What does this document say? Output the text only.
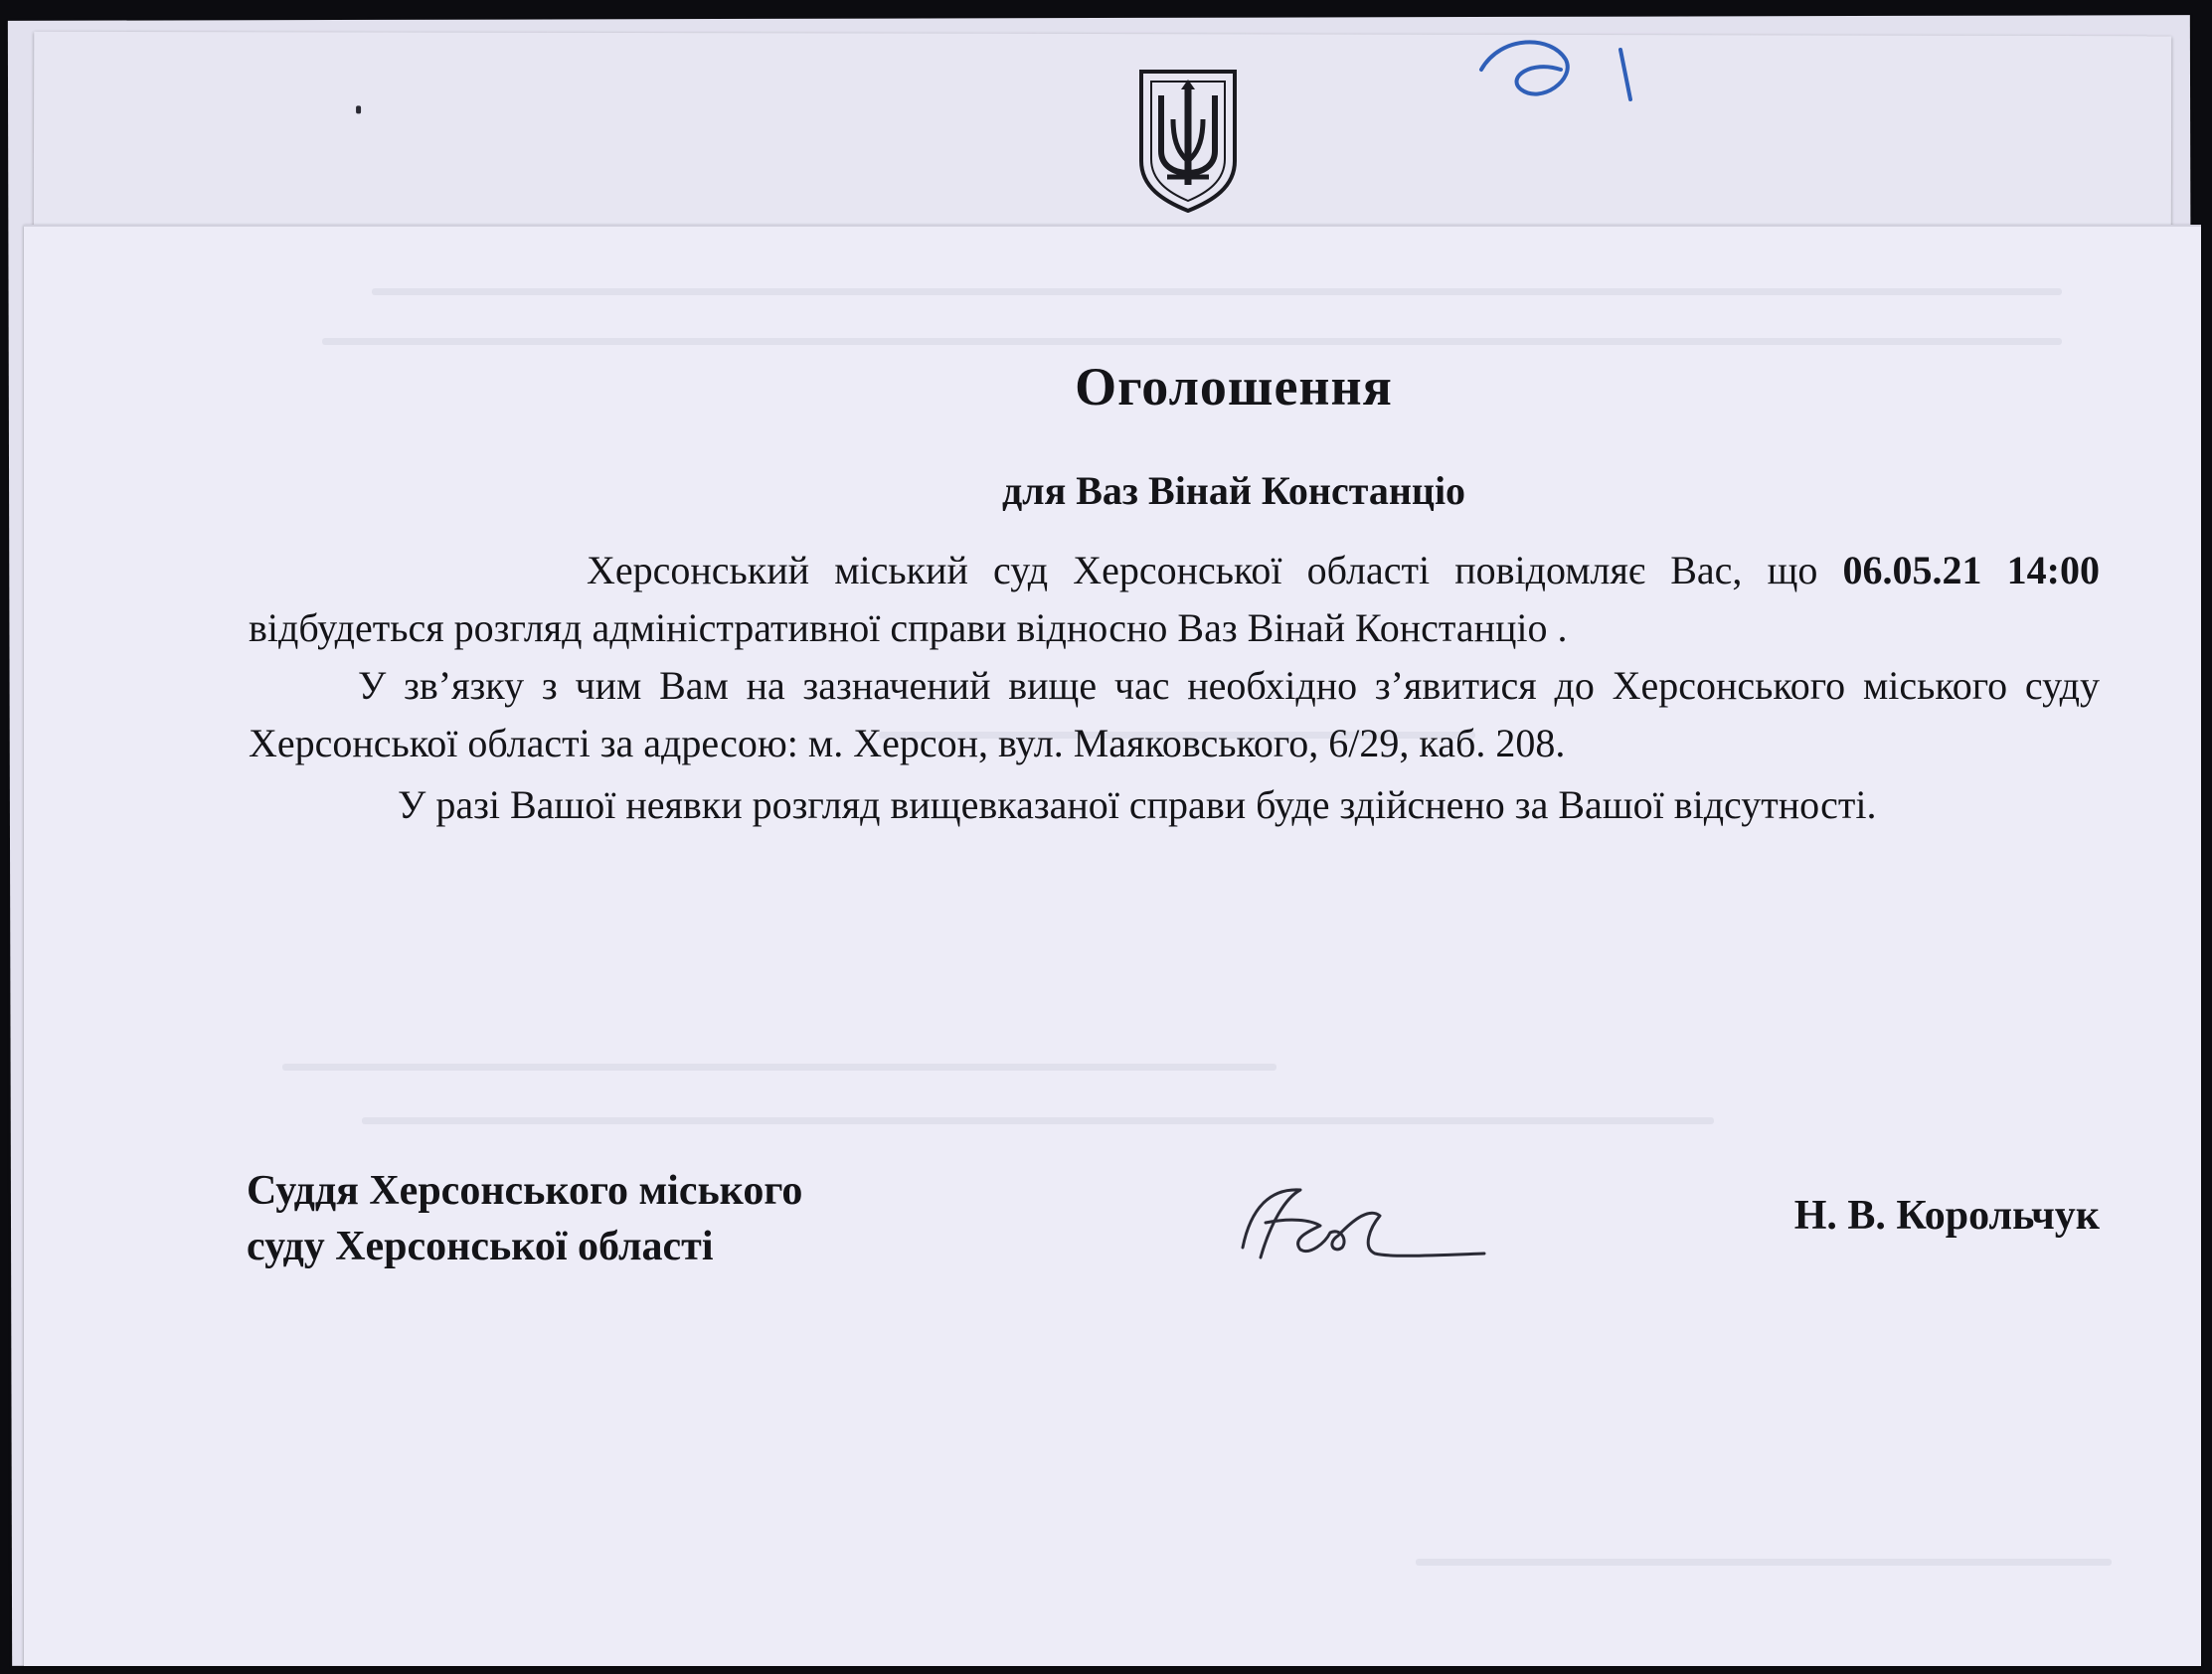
Оголошення

для Ваз Вінай Констанціо

Херсонський міський суд Херсонської області повідомляє Вас, що 06.05.21 14:00 відбудеться розгляд адміністративної справи відносно Ваз Вінай Констанціо .

У зв’язку з чим Вам на зазначений вище час необхідно з’явитися до Херсонського міського суду Херсонської області за адресою: м. Херсон, вул. Маяковського, 6/29, каб. 208.

У разі Вашої неявки розгляд вищевказаної справи буде здійснено за Вашої відсутності.

Суддя Херсонського міського
суду Херсонської області
Н. В. Корольчук
